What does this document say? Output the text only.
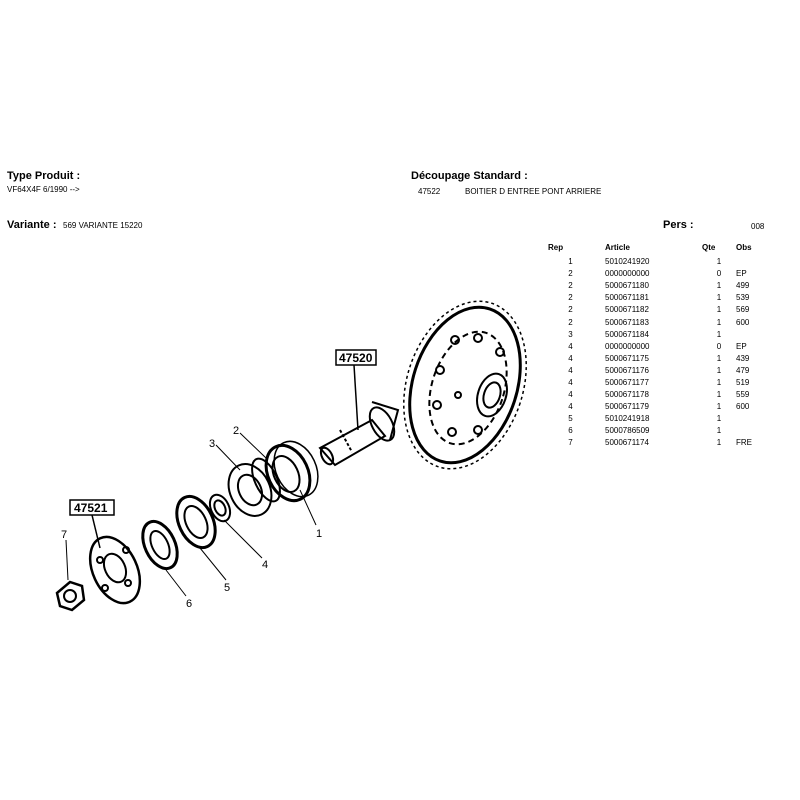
Type Produit :
VF64X4F 6/1990 -->
Découpage Standard :
47522	BOITIER D ENTREE PONT ARRIERE
Variante : 569 VARIANTE 15220	Pers :	008
Rep	Article	Qte	Obs
1	5010241920	1	
2	0000000000	0	EP
2	5000671180	1	499
2	5000671181	1	539
2	5000671182	1	569
2	5000671183	1	600
3	5000671184	1	
4	0000000000	0	EP
4	5000671175	1	439
4	5000671176	1	479
4	5000671177	1	519
4	5000671178	1	559
4	5000671179	1	600
5	5010241918	1	
6	5000786509	1	
7	5000671174	1	FRE
47520
47521
2
3
1
4
5
6
7
